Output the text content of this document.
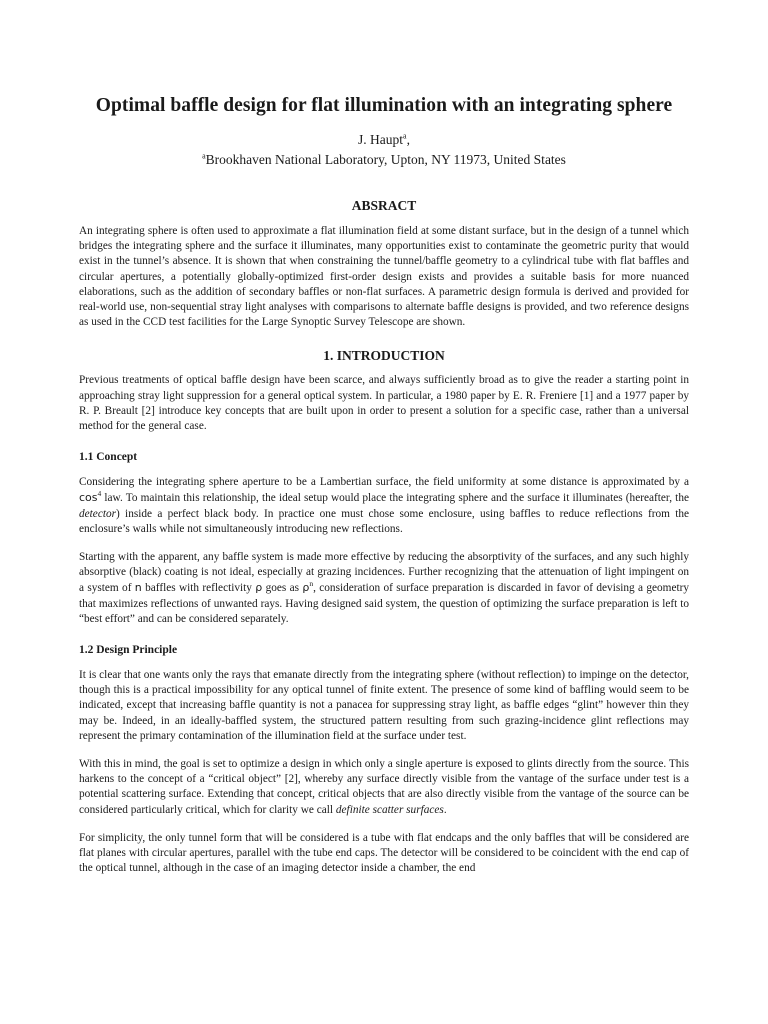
Optimal baffle design for flat illumination with an integrating sphere
J. Haupt$^a$,
$^a$Brookhaven National Laboratory, Upton, NY 11973, United States
ABSRACT

An integrating sphere is often used to approximate a flat illumination field at some distant surface, but in the design of a tunnel which bridges the integrating sphere and the surface it illuminates, many opportunities exist to contaminate the geometric purity that would exist in the tunnel’s absence. It is shown that when constraining the tunnel/baffle geometry to a cylindrical tube with flat baffles and circular apertures, a potentially globally-optimized first-order design exists and provides a suitable basis for more nuanced elaborations, such as the addition of secondary baffles or non-flat surfaces. A parametric design formula is derived and provided for real-world use, non-sequential stray light analyses with comparisons to alternate baffle designs is provided, and two reference designs as used in the CCD test facilities for the Large Synoptic Survey Telescope are shown.

1. INTRODUCTION

Previous treatments of optical baffle design have been scarce, and always sufficiently broad as to give the reader a starting point in approaching stray light suppression for a general optical system. In particular, a 1980 paper by E. R. Freniere [1] and a 1977 paper by R. P. Breault [2] introduce key concepts that are built upon in order to present a solution for a specific case, rather than a universal method for the general case.

1.1 Concept

Considering the integrating sphere aperture to be a Lambertian surface, the field uniformity at some distance is approximated by a $\cos^4$ law. To maintain this relationship, the ideal setup would place the integrating sphere and the surface it illuminates (hereafter, the detector) inside a perfect black body. In practice one must chose some enclosure, using baffles to reduce reflections from the enclosure’s walls while not simultaneously introducing new reflections.

Starting with the apparent, any baffle system is made more effective by reducing the absorptivity of the surfaces, and any such highly absorptive (black) coating is not ideal, especially at grazing incidences. Further recognizing that the attenuation of light impingent on a system of n baffles with reflectivity ρ goes as $\rho^n$, consideration of surface preparation is discarded in favor of devising a geometry that maximizes reflections of unwanted rays. Having designed said system, the question of optimizing the surface preparation is left to “best effort” and can be considered separately.

1.2 Design Principle

It is clear that one wants only the rays that emanate directly from the integrating sphere (without reflection) to impinge on the detector, though this is a practical impossibility for any optical tunnel of finite extent. The presence of some kind of baffling would seem to be indicated, except that increasing baffle quantity is not a panacea for suppressing stray light, as baffle edges “glint” however thin they may be. Indeed, in an ideally-baffled system, the structured pattern resulting from such grazing-incidence glint reflections may represent the primary contamination of the illumination field at the surface under test.

With this in mind, the goal is set to optimize a design in which only a single aperture is exposed to glints directly from the source. This harkens to the concept of a “critical object” [2], whereby any surface directly visible from the vantage of the surface under test is a potential scattering surface. Extending that concept, critical objects that are also directly visible from the vantage of the source can be considered particularly critical, which for clarity we call definite scatter surfaces.

For simplicity, the only tunnel form that will be considered is a tube with flat endcaps and the only baffles that will be considered are flat planes with circular apertures, parallel with the tube end caps. The detector will be considered to be coincident with the end cap of the optical tunnel, although in the case of an imaging detector inside a chamber, the end
